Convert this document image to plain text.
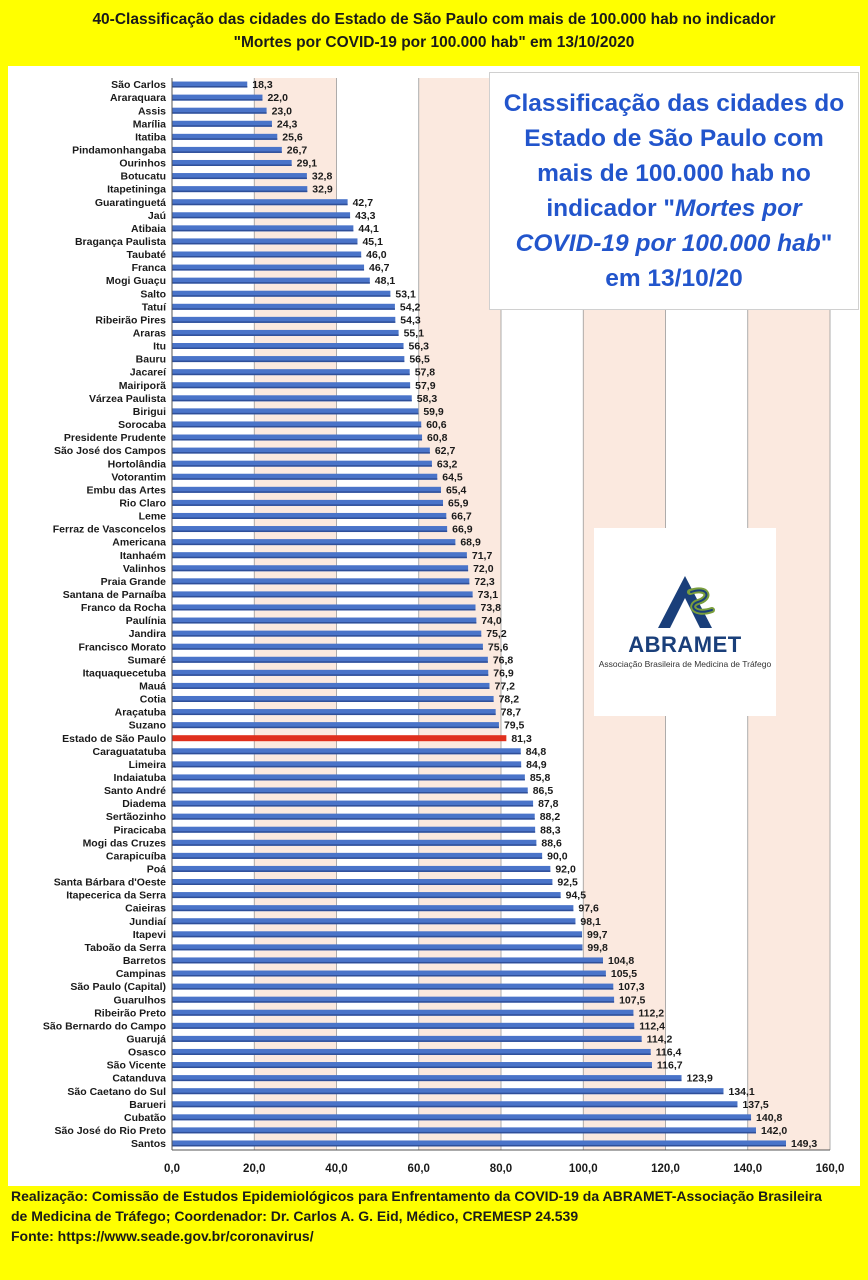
40-Classificação das cidades do Estado de São Paulo com mais de 100.000 hab no indicador
"Mortes por COVID-19 por 100.000 hab" em 13/10/2020
São Carlos	18,3
Araraquara	22,0
Assis	23,0
Marília	24,3
Itatiba	25,6
Pindamonhangaba	26,7
Ourinhos	29,1
Botucatu	32,8
Itapetininga	32,9
Guaratinguetá	42,7
Jaú	43,3
Atibaia	44,1
Bragança Paulista	45,1
Taubaté	46,0
Franca	46,7
Mogi Guaçu	48,1
Salto	53,1
Tatuí	54,2
Ribeirão Pires	54,3
Araras	55,1
Itu	56,3
Bauru	56,5
Jacareí	57,8
Mairiporã	57,9
Várzea Paulista	58,3
Birigui	59,9
Sorocaba	60,6
Presidente Prudente	60,8
São José dos Campos	62,7
Hortolândia	63,2
Votorantim	64,5
Embu das Artes	65,4
Rio Claro	65,9
Leme	66,7
Ferraz de Vasconcelos	66,9
Americana	68,9
Itanhaém	71,7
Valinhos	72,0
Praia Grande	72,3
Santana de Parnaíba	73,1
Franco da Rocha	73,8
Paulínia	74,0
Jandira	75,2
Francisco Morato	75,6
Sumaré	76,8
Itaquaquecetuba	76,9
Mauá	77,2
Cotia	78,2
Araçatuba	78,7
Suzano	79,5
Estado de São Paulo	81,3
Caraguatatuba	84,8
Limeira	84,9
Indaiatuba	85,8
Santo André	86,5
Diadema	87,8
Sertãozinho	88,2
Piracicaba	88,3
Mogi das Cruzes	88,6
Carapicuíba	90,0
Poá	92,0
Santa Bárbara d'Oeste	92,5
Itapecerica da Serra	94,5
Caieiras	97,6
Jundiaí	98,1
Itapevi	99,7
Taboão da Serra	99,8
Barretos	104,8
Campinas	105,5
São Paulo (Capital)	107,3
Guarulhos	107,5
Ribeirão Preto	112,2
São Bernardo do Campo	112,4
Guarujá	114,2
Osasco	116,4
São Vicente	116,7
Catanduva	123,9
São Caetano do Sul	134,1
Barueri	137,5
Cubatão	140,8
São José do Rio Preto	142,0
Santos	149,3
0,0	20,0	40,0	60,0	80,0	100,0	120,0	140,0	160,0
Classificação das cidades do
Estado de São Paulo com
mais de 100.000 hab no
indicador "Mortes por
COVID-19 por 100.000 hab"
em 13/10/20
ABRAMET
Associação Brasileira de Medicina de Tráfego
Realização: Comissão de Estudos Epidemiológicos para Enfrentamento da COVID-19 da ABRAMET-Associação Brasileira
de Medicina de Tráfego; Coordenador: Dr. Carlos A. G. Eid, Médico, CREMESP 24.539
Fonte: https://www.seade.gov.br/coronavirus/
